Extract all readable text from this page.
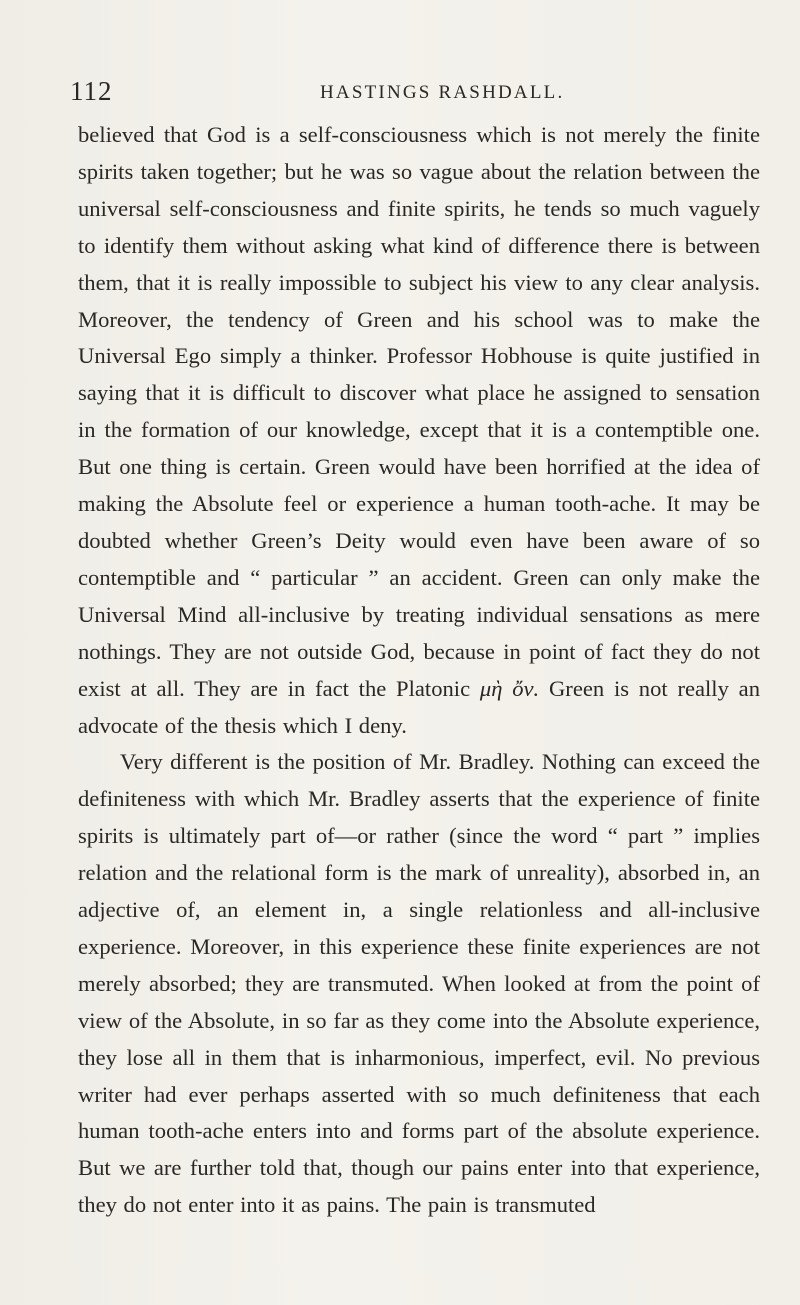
112	HASTINGS RASHDALL.

believed that God is a self-consciousness which is not merely the finite spirits taken together; but he was so vague about the relation between the universal self-consciousness and finite spirits, he tends so much vaguely to identify them without asking what kind of difference there is between them, that it is really impossible to subject his view to any clear analysis. Moreover, the tendency of Green and his school was to make the Universal Ego simply a thinker. Professor Hobhouse is quite justified in saying that it is difficult to discover what place he assigned to sensation in the formation of our knowledge, except that it is a contemptible one. But one thing is certain. Green would have been horrified at the idea of making the Absolute feel or experience a human tooth-ache. It may be doubted whether Green’s Deity would even have been aware of so contemptible and “ particular ” an accident. Green can only make the Universal Mind all-inclusive by treating individual sensations as mere nothings. They are not outside God, because in point of fact they do not exist at all. They are in fact the Platonic μὴ ὄν. Green is not really an advocate of the thesis which I deny.

Very different is the position of Mr. Bradley. Nothing can exceed the definiteness with which Mr. Bradley asserts that the experience of finite spirits is ultimately part of—or rather (since the word “ part ” implies relation and the relational form is the mark of unreality), absorbed in, an adjective of, an element in, a single relationless and all-inclusive experience. Moreover, in this experience these finite experiences are not merely absorbed; they are transmuted. When looked at from the point of view of the Absolute, in so far as they come into the Absolute experience, they lose all in them that is inharmonious, imperfect, evil. No previous writer had ever perhaps asserted with so much definiteness that each human tooth-ache enters into and forms part of the absolute experience. But we are further told that, though our pains enter into that experience, they do not enter into it as pains. The pain is transmuted
